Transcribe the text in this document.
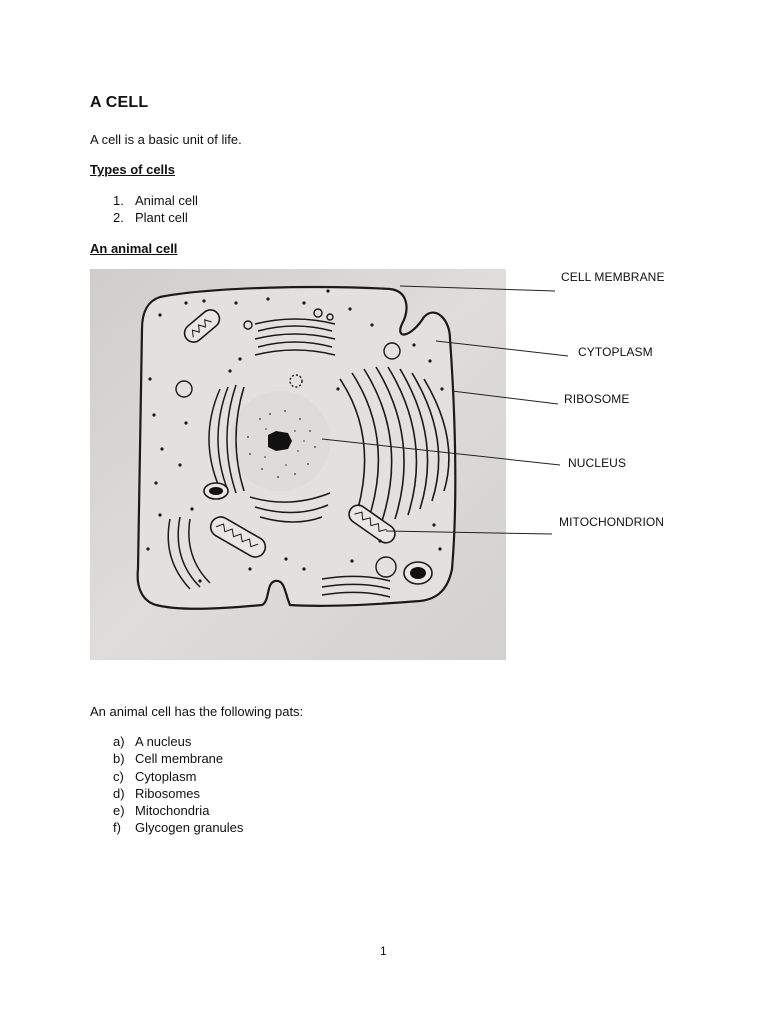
A CELL
A cell is a basic unit of life.
Types of cells
1. Animal cell
2. Plant cell
An animal cell
CELL MEMBRANE
CYTOPLASM
RIBOSOME
NUCLEUS
MITOCHONDRION
An animal cell has the following pats:
a) A nucleus
b) Cell membrane
c) Cytoplasm
d) Ribosomes
e) Mitochondria
f)	Glycogen granules
1
